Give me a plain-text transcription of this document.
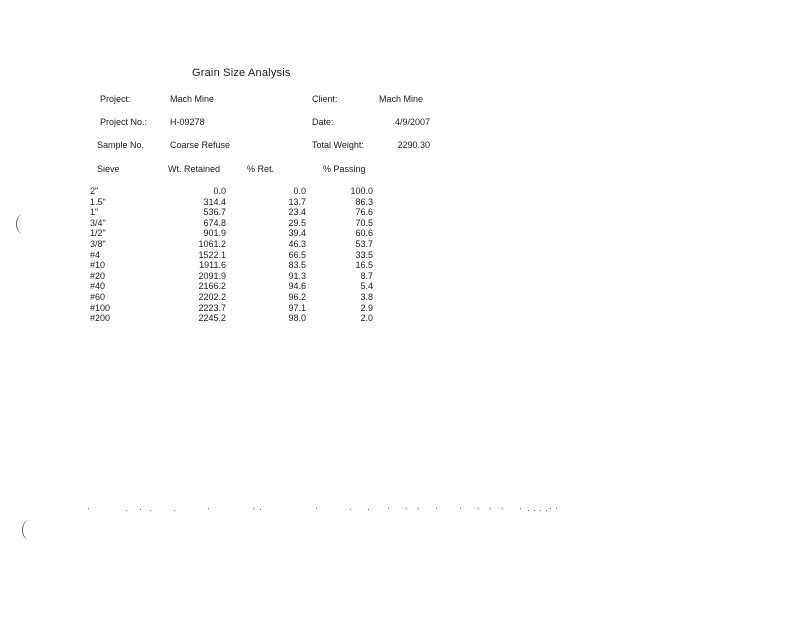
Grain Size Analysis
Project:	Mach Mine	Client:	Mach Mine
Project No.:	H-09278	Date:	4/9/2007
Sample No.	Coarse Refuse	Total Weight:	2290.30
Sieve	Wt. Retained	% Ret.	% Passing
2"	0.0	0.0	100.0
1.5"	314.4	13.7	86.3
1"	536.7	23.4	76.6
3/4"	674.8	29.5	70.5
1/2"	901.9	39.4	60.6
3/8"	1061.2	46.3	53.7
#4	1522.1	66.5	33.5
#10	1911.6	83.5	16.5
#20	2091.9	91.3	8.7
#40	2166.2	94.6	5.4
#60	2202.2	96.2	3.8
#100	2223.7	97.1	2.9
#200	2245.2	98.0	2.0
